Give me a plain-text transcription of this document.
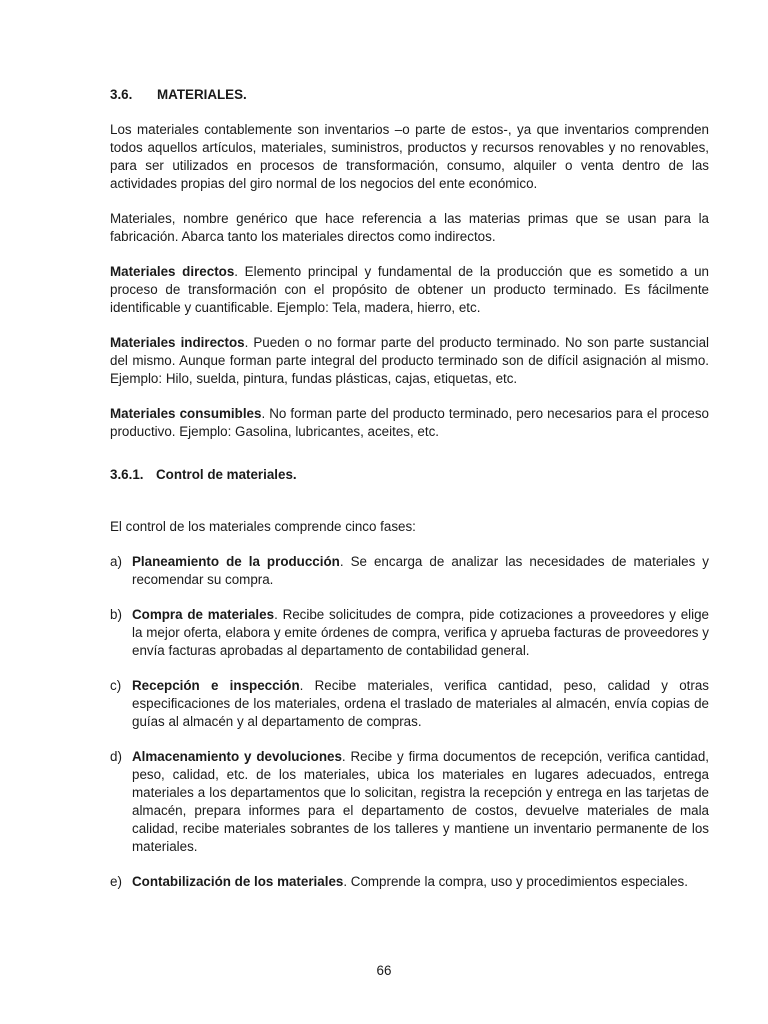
3.6. MATERIALES.

Los materiales contablemente son inventarios –o parte de estos-, ya que inventarios comprenden todos aquellos artículos, materiales, suministros, productos y recursos renovables y no renovables, para ser utilizados en procesos de transformación, consumo, alquiler o venta dentro de las actividades propias del giro normal de los negocios del ente económico.

Materiales, nombre genérico que hace referencia a las materias primas que se usan para la fabricación. Abarca tanto los materiales directos como indirectos.

Materiales directos. Elemento principal y fundamental de la producción que es sometido a un proceso de transformación con el propósito de obtener un producto terminado. Es fácilmente identificable y cuantificable. Ejemplo: Tela, madera, hierro, etc.

Materiales indirectos. Pueden o no formar parte del producto terminado. No son parte sustancial del mismo. Aunque forman parte integral del producto terminado son de difícil asignación al mismo. Ejemplo: Hilo, suelda, pintura, fundas plásticas, cajas, etiquetas, etc.

Materiales consumibles. No forman parte del producto terminado, pero necesarios para el proceso productivo. Ejemplo: Gasolina, lubricantes, aceites, etc.

3.6.1. Control de materiales.

El control de los materiales comprende cinco fases:

a) Planeamiento de la producción. Se encarga de analizar las necesidades de materiales y recomendar su compra.
b) Compra de materiales. Recibe solicitudes de compra, pide cotizaciones a proveedores y elige la mejor oferta, elabora y emite órdenes de compra, verifica y aprueba facturas de proveedores y envía facturas aprobadas al departamento de contabilidad general.
c) Recepción e inspección. Recibe materiales, verifica cantidad, peso, calidad y otras especificaciones de los materiales, ordena el traslado de materiales al almacén, envía copias de guías al almacén y al departamento de compras.
d) Almacenamiento y devoluciones. Recibe y firma documentos de recepción, verifica cantidad, peso, calidad, etc. de los materiales, ubica los materiales en lugares adecuados, entrega materiales a los departamentos que lo solicitan, registra la recepción y entrega en las tarjetas de almacén, prepara informes para el departamento de costos, devuelve materiales de mala calidad, recibe materiales sobrantes de los talleres y mantiene un inventario permanente de los materiales.
e) Contabilización de los materiales. Comprende la compra, uso y procedimientos especiales.
66
